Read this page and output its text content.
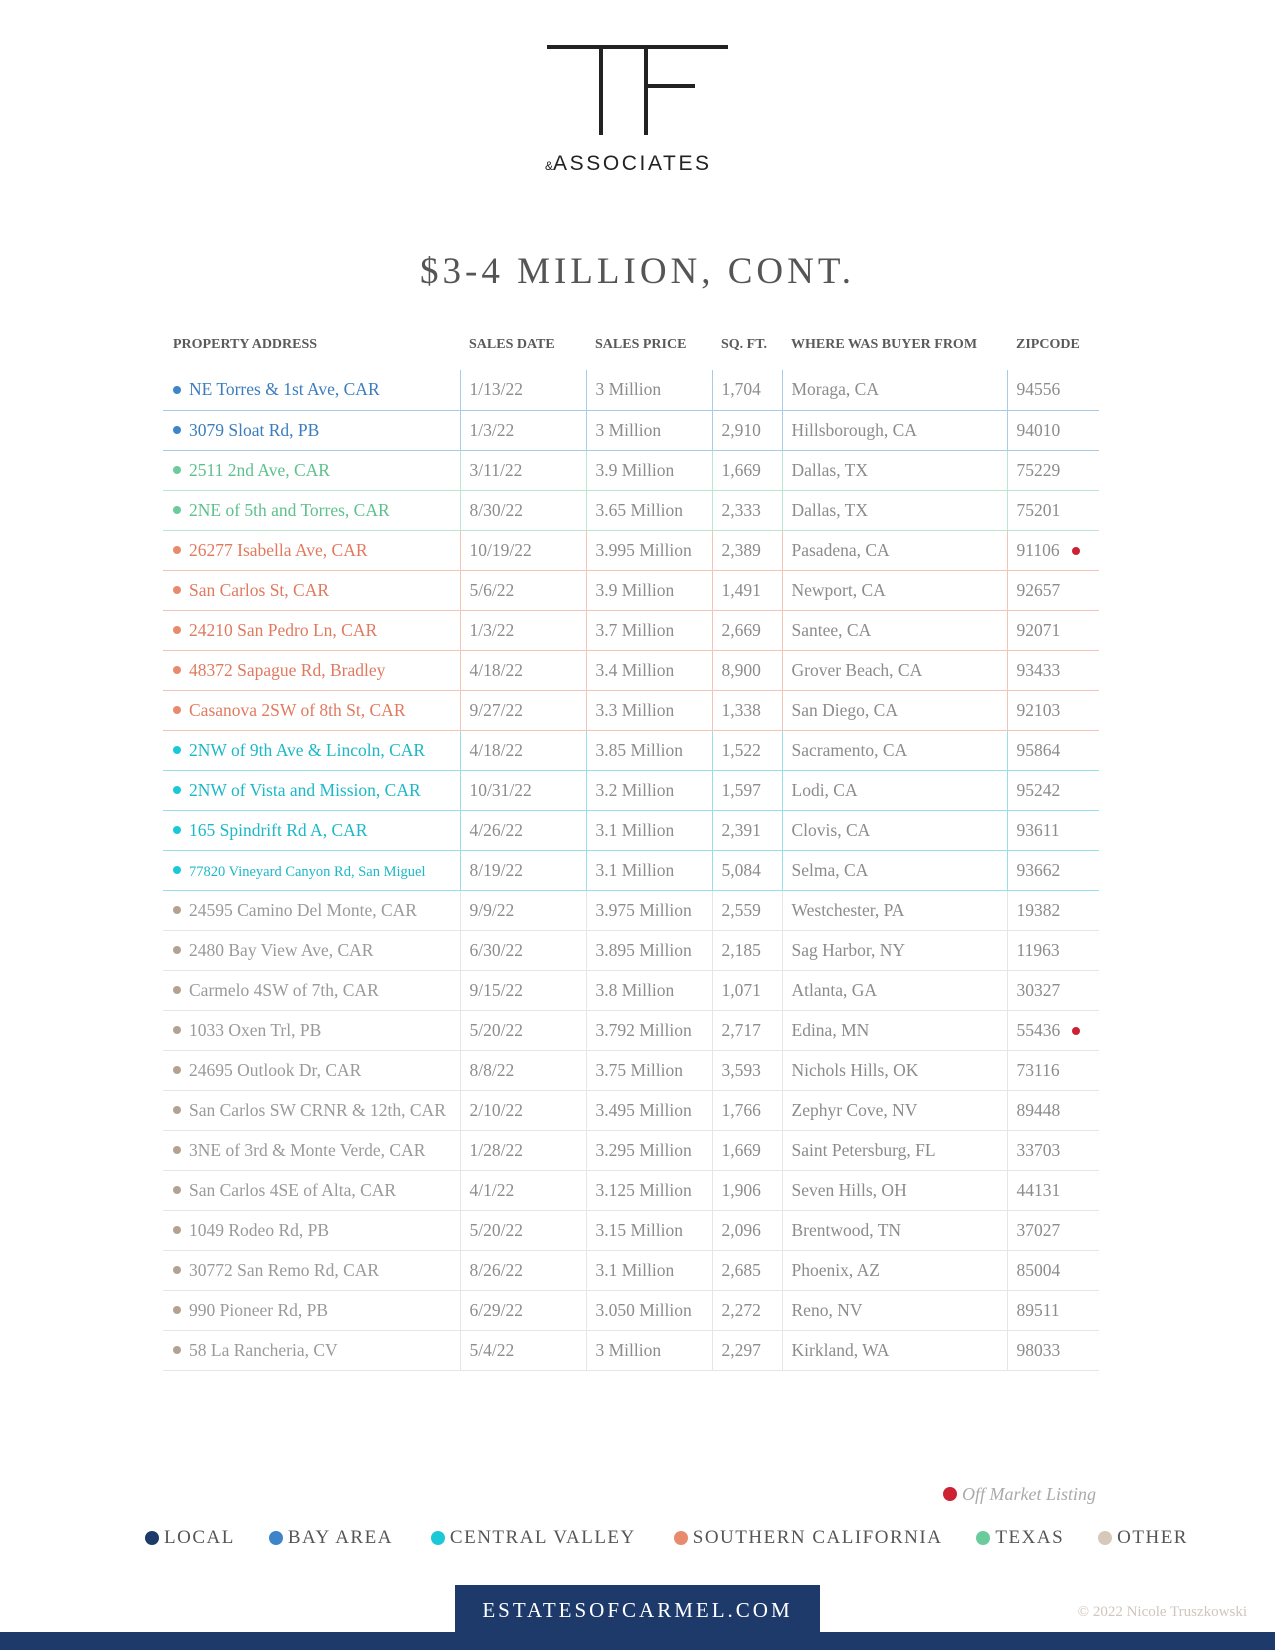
&ASSOCIATES
$3-4 MILLION, CONT.
PROPERTY ADDRESS	SALES DATE	SALES PRICE	SQ. FT.	WHERE WAS BUYER FROM	ZIPCODE
NE Torres & 1st Ave, CAR	1/13/22	3 Million	1,704	Moraga, CA	94556
3079 Sloat Rd, PB	1/3/22	3 Million	2,910	Hillsborough, CA	94010
2511 2nd Ave, CAR	3/11/22	3.9 Million	1,669	Dallas, TX	75229
2NE of 5th and Torres, CAR	8/30/22	3.65 Million	2,333	Dallas, TX	75201
26277 Isabella Ave, CAR	10/19/22	3.995 Million	2,389	Pasadena, CA	91106
San Carlos St, CAR	5/6/22	3.9 Million	1,491	Newport, CA	92657
24210 San Pedro Ln, CAR	1/3/22	3.7 Million	2,669	Santee, CA	92071
48372 Sapague Rd, Bradley	4/18/22	3.4 Million	8,900	Grover Beach, CA	93433
Casanova 2SW of 8th St, CAR	9/27/22	3.3 Million	1,338	San Diego, CA	92103
2NW of 9th Ave & Lincoln, CAR	4/18/22	3.85 Million	1,522	Sacramento, CA	95864
2NW of Vista and Mission, CAR	10/31/22	3.2 Million	1,597	Lodi, CA	95242
165 Spindrift Rd A, CAR	4/26/22	3.1 Million	2,391	Clovis, CA	93611
77820 Vineyard Canyon Rd, San Miguel	8/19/22	3.1 Million	5,084	Selma, CA	93662
24595 Camino Del Monte, CAR	9/9/22	3.975 Million	2,559	Westchester, PA	19382
2480 Bay View Ave, CAR	6/30/22	3.895 Million	2,185	Sag Harbor, NY	11963
Carmelo 4SW of 7th, CAR	9/15/22	3.8 Million	1,071	Atlanta, GA	30327
1033 Oxen Trl, PB	5/20/22	3.792 Million	2,717	Edina, MN	55436
24695 Outlook Dr, CAR	8/8/22	3.75 Million	3,593	Nichols Hills, OK	73116
San Carlos SW CRNR & 12th, CAR	2/10/22	3.495 Million	1,766	Zephyr Cove, NV	89448
3NE of 3rd & Monte Verde, CAR	1/28/22	3.295 Million	1,669	Saint Petersburg, FL	33703
San Carlos 4SE of Alta, CAR	4/1/22	3.125 Million	1,906	Seven Hills, OH	44131
1049 Rodeo Rd, PB	5/20/22	3.15 Million	2,096	Brentwood, TN	37027
30772 San Remo Rd, CAR	8/26/22	3.1 Million	2,685	Phoenix, AZ	85004
990 Pioneer Rd, PB	6/29/22	3.050 Million	2,272	Reno, NV	89511
58 La Rancheria, CV	5/4/22	3 Million	2,297	Kirkland, WA	98033
Off Market Listing
LOCAL	BAY AREA	CENTRAL VALLEY	SOUTHERN CALIFORNIA	TEXAS	OTHER
ESTATESOFCARMEL.COM	© 2022 Nicole Truszkowski
